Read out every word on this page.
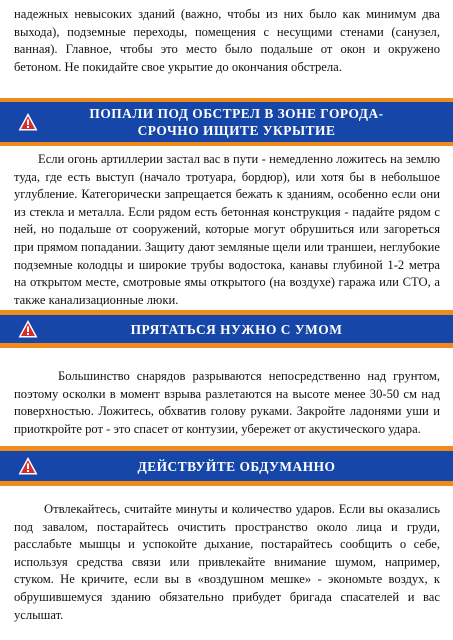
надежных невысоких зданий (важно, чтобы из них было как минимум два выхода), подземные переходы, помещения с несущими стенами (санузел, ванная). Главное, чтобы это место было подальше от окон и окружено бетоном. Не покидайте свое укрытие до окончания обстрела.

ПОПАЛИ ПОД ОБСТРЕЛ В ЗОНЕ ГОРОДА-
СРОЧНО ИЩИТЕ УКРЫТИЕ

Если огонь артиллерии застал вас в пути - немедленно ложитесь на землю туда, где есть выступ (начало тротуара, бордюр), или хотя бы в небольшое углубление. Категорически запрещается бежать к зданиям, особенно если они из стекла и металла. Если рядом есть бетонная конструкция - падайте рядом с ней, но подальше от сооружений, которые могут обрушиться или загореться при прямом попадании. Защиту дают земляные щели или траншеи, неглубокие подземные колодцы и широкие трубы водостока, канавы глубиной 1-2 метра на открытом месте, смотровые ямы открытого (на воздухе) гаража или СТО, а также канализационные люки.

ПРЯТАТЬСЯ НУЖНО С УМОМ

Большинство снарядов разрываются непосредственно над грунтом, поэтому осколки в момент взрыва разлетаются на высоте менее 30-50 см над поверхностью. Ложитесь, обхватив голову руками. Закройте ладонями уши и приоткройте рот - это спасет от контузии, убережет от акустического удара.

ДЕЙСТВУЙТЕ ОБДУМАННО

Отвлекайтесь, считайте минуты и количество ударов. Если вы оказались под завалом, постарайтесь очистить пространство около лица и груди, расслабьте мышцы и успокойте дыхание, постарайтесь сообщить о себе, используя средства связи или привлекайте внимание шумом, например, стуком. Не кричите, если вы в «воздушном мешке» - экономьте воздух, к обрушившемуся зданию обязательно прибудет бригада спасателей и вас услышат.
